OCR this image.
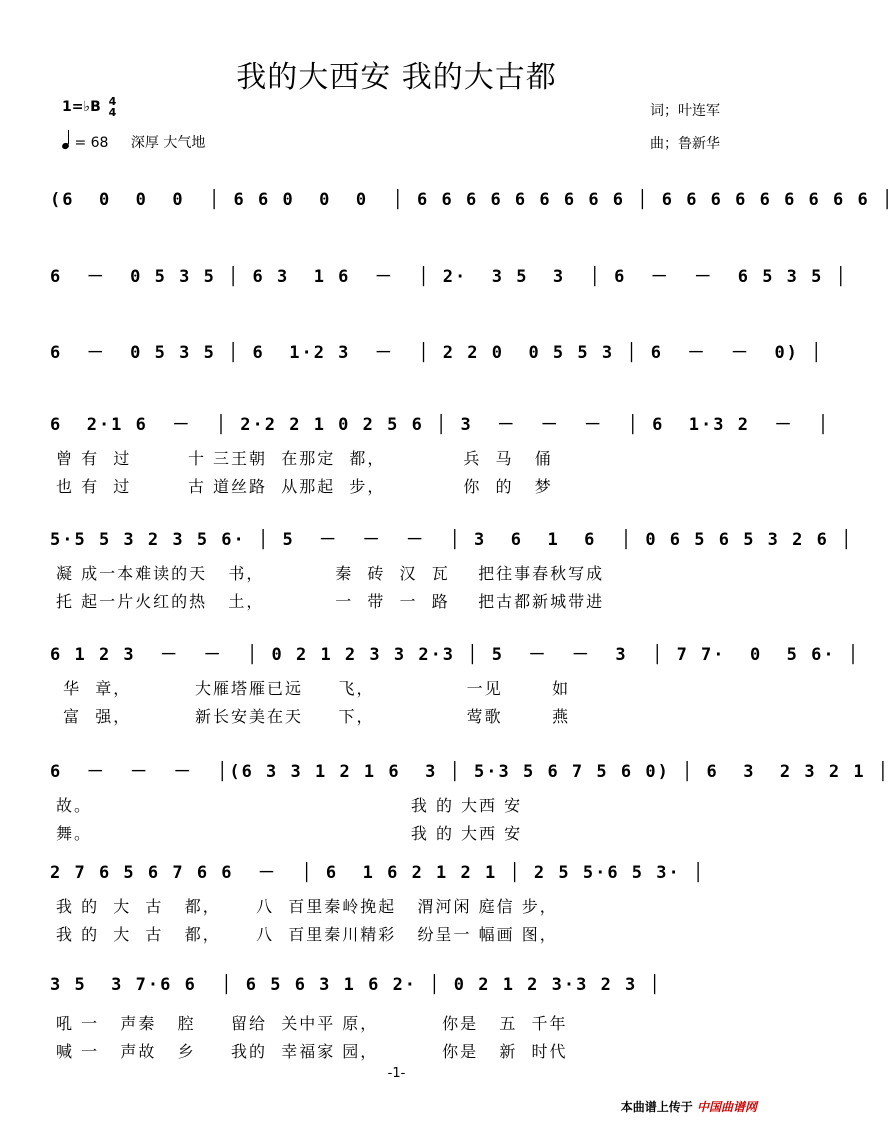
我的大西安 我的大古都
1=♭B 4
4
= 68 深厚 大气地
词；叶连军
曲；鲁新华
(6  0  0  0  │ 6 6 0  0  0  │ 6 6 6 6 6 6 6 6 6 │ 6 6 6 6 6 6 6 6 6 │
6  －  0 5 3 5 │ 6 3  1 6  －  │ 2·  3 5  3  │ 6  －  －  6 5 3 5 │
6  －  0 5 3 5 │ 6  1·2 3  －  │ 2 2 0  0 5 5 3 │ 6  －  －  0) │
6  2·1 6  －  │ 2·2 2 1 0 2 5 6 │ 3  －  －  －  │ 6  1·3 2  －  │
曾 有  过        十 三王朝  在那定  都，           兵  马   俑
也 有  过        古 道丝路  从那起  步，           你  的   梦
5·5 5 3 2 3 5 6· │ 5  －  －  －  │ 3  6  1  6  │ 0 6 5 6 5 3 2 6 │
凝 成一本难读的天   书，          秦  砖  汉  瓦    把往事春秋写成
托 起一片火红的热   土，          一  带  一  路    把古都新城带进
6 1 2 3  －  －  │ 0 2 1 2 3 3 2·3 │ 5  －  －  3  │ 7 7·  0  5 6· │
华  章，         大雁塔雁已远     飞，             一见       如
富  强，         新长安美在天     下，             莺歌       燕
6  －  －  －  │(6 3 3 1 2 1 6  3 │ 5·3 5 6 7 5 6 0) │ 6  3  2 3 2 1 │
故。                                             我 的 大西 安
舞。                                             我 的 大西 安
2 7 6 5 6 7 6 6  －  │ 6  1 6 2 1 2 1 │ 2 5 5·6 5 3· │
我 的  大  古   都，     八  百里秦岭挽起   渭河闲 庭信 步，
我 的  大  古   都，     八  百里秦川精彩   纷呈一 幅画 图，
3 5  3 7·6 6  │ 6 5 6 3 1 6 2· │ 0 2 1 2 3·3 2 3 │
吼 一   声秦   腔     留给  关中平 原，         你是   五  千年
喊 一   声故   乡     我的  幸福家 园，         你是   新  时代
-1-
本曲谱上传于 中国曲谱网
